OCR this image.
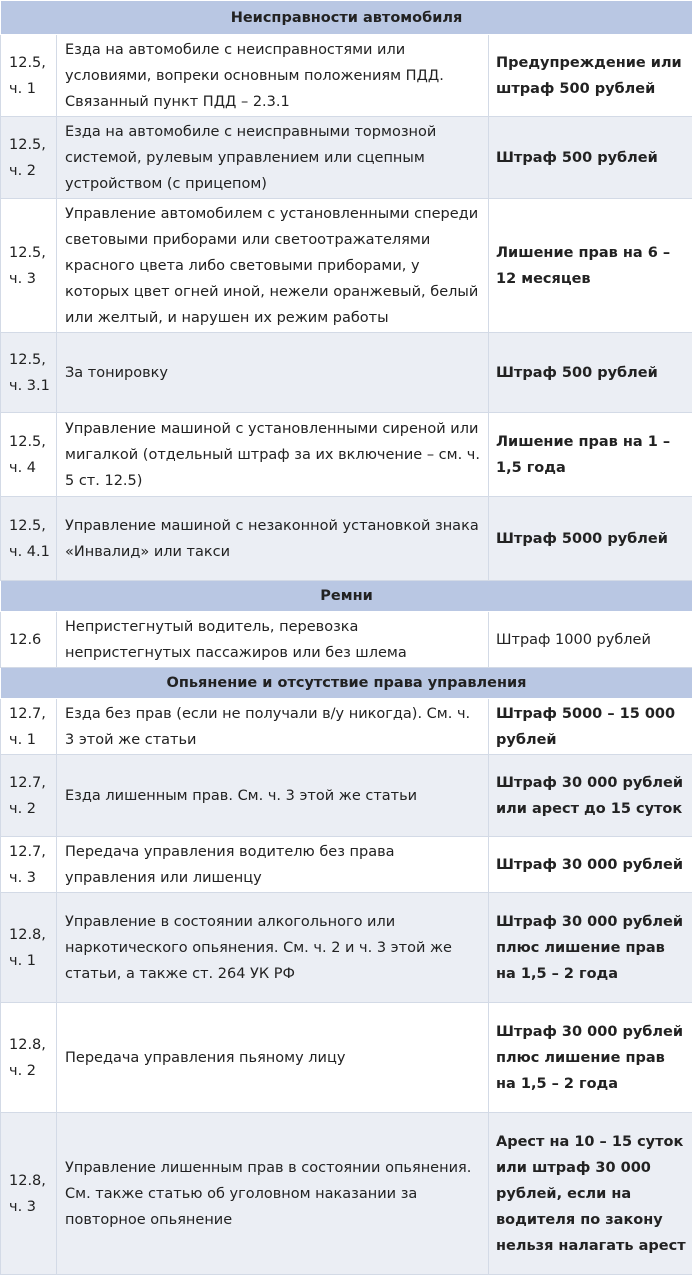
Неисправности автомобиля		
12.5, ч. 1	Езда на автомобиле с неисправностями или условиями, вопреки основным положениям ПДД. Связанный пункт ПДД – 2.3.1	Предупреждение или штраф 500 рублей
12.5, ч. 2	Езда на автомобиле с неисправными тормозной системой, рулевым управлением или сцепным устройством (с прицепом)	Штраф 500 рублей
12.5, ч. 3	Управление автомобилем с установленными спереди световыми приборами или светоотражателями красного цвета либо световыми приборами, у которых цвет огней иной, нежели оранжевый, белый или желтый, и нарушен их режим работы	Лишение прав на 6 – 12 месяцев
12.5, ч. 3.1	За тонировку	Штраф 500 рублей
12.5, ч. 4	Управление машиной с установленными сиреной или мигалкой (отдельный штраф за их включение – см. ч. 5 ст. 12.5)	Лишение прав на 1 – 1,5 года
12.5, ч. 4.1	Управление машиной с незаконной установкой знака «Инвалид» или такси	Штраф 5000 рублей
Ремни		
12.6	Непристегнутый водитель, перевозка непристегнутых пассажиров или без шлема	Штраф 1000 рублей
Опьянение и отсутствие права управления		
12.7, ч. 1	Езда без прав (если не получали в/у никогда). См. ч. 3 этой же статьи	Штраф 5000 – 15 000 рублей
12.7, ч. 2	Езда лишенным прав. См. ч. 3 этой же статьи	Штраф 30 000 рублей или арест до 15 суток
12.7, ч. 3	Передача управления водителю без права управления или лишенцу	Штраф 30 000 рублей
12.8, ч. 1	Управление в состоянии алкогольного или наркотического опьянения. См. ч. 2 и ч. 3 этой же статьи, а также ст. 264 УК РФ	Штраф 30 000 рублей плюс лишение прав на 1,5 – 2 года
12.8, ч. 2	Передача управления пьяному лицу	Штраф 30 000 рублей плюс лишение прав на 1,5 – 2 года
12.8, ч. 3	Управление лишенным прав в состоянии опьянения. См. также статью об уголовном наказании за повторное опьянение	Арест на 10 – 15 суток или штраф 30 000 рублей, если на водителя по закону нельзя налагать арест
